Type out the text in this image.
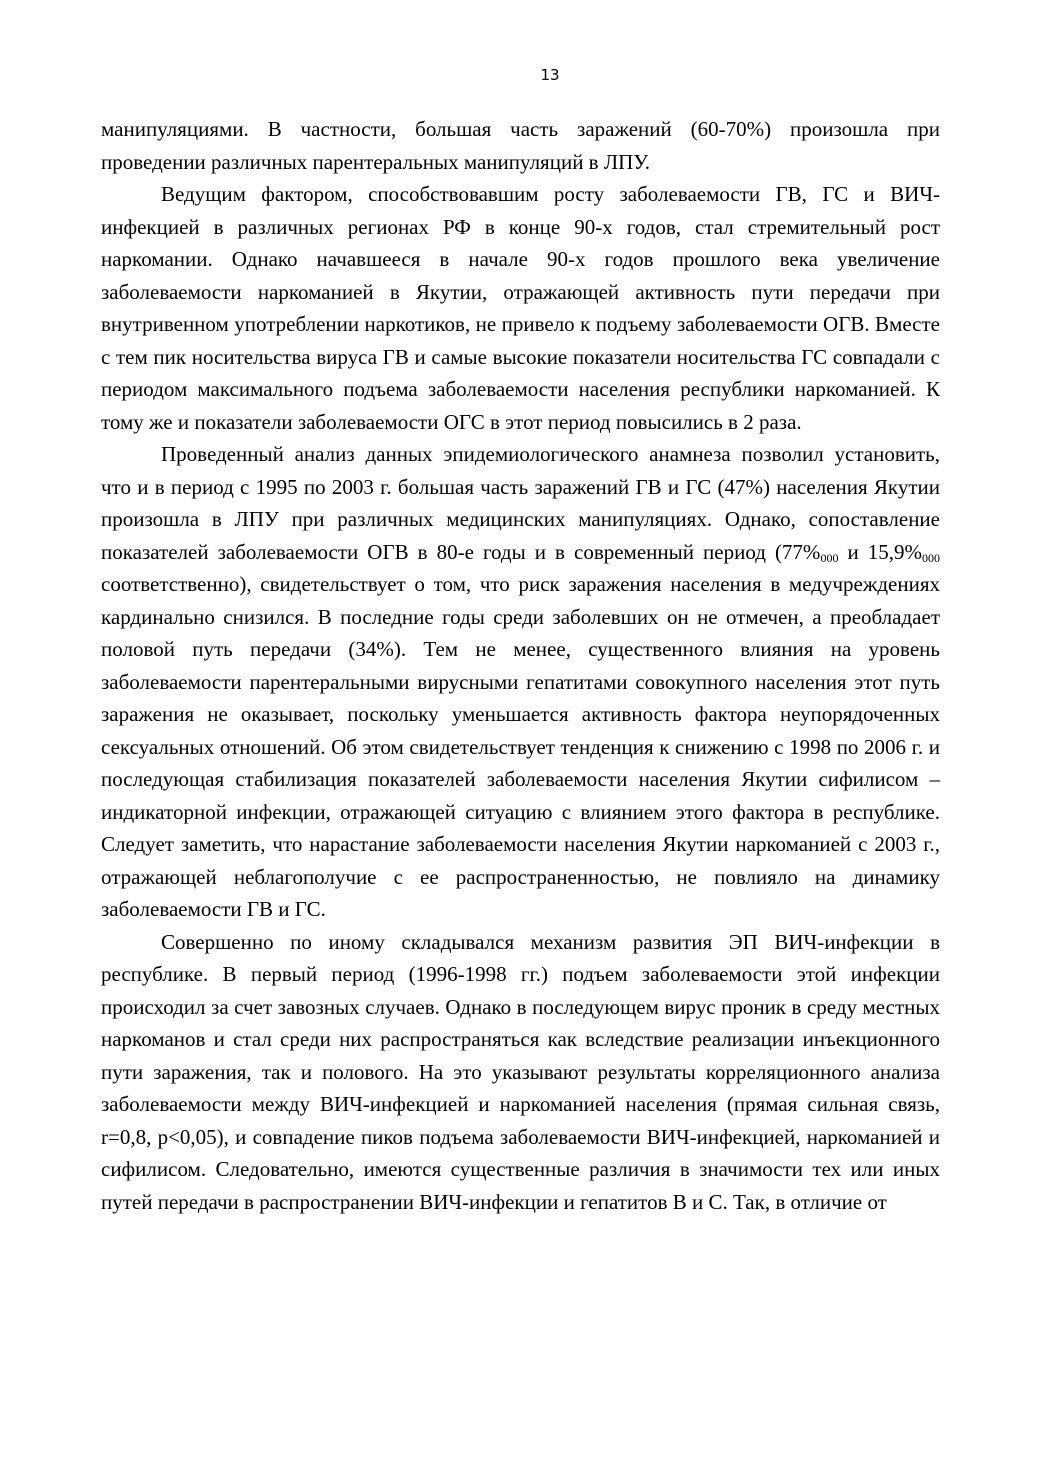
13

манипуляциями. В частности, большая часть заражений (60-70%) произошла при проведении различных парентеральных манипуляций в ЛПУ.

Ведущим фактором, способствовавшим росту заболеваемости ГВ, ГС и ВИЧ-инфекцией в различных регионах РФ в конце 90-х годов, стал стремительный рост наркомании. Однако начавшееся в начале 90-х годов прошлого века увеличение заболеваемости наркоманией в Якутии, отражающей активность пути передачи при внутривенном употреблении наркотиков, не привело к подъему заболеваемости ОГВ. Вместе с тем пик носительства вируса ГВ и самые высокие показатели носительства ГС совпадали с периодом максимального подъема заболеваемости населения республики наркоманией. К тому же и показатели заболеваемости ОГС в этот период повысились в 2 раза.

Проведенный анализ данных эпидемиологического анамнеза позволил установить, что и в период с 1995 по 2003 г. большая часть заражений ГВ и ГС (47%) населения Якутии произошла в ЛПУ при различных медицинских манипуляциях. Однако, сопоставление показателей заболеваемости ОГВ в 80-е годы и в современный период ($77\%_{000}$ и $15,9\%_{000}$ соответственно), свидетельствует о том, что риск заражения населения в медучреждениях кардинально снизился. В последние годы среди заболевших он не отмечен, а преобладает половой путь передачи (34%). Тем не менее, существенного влияния на уровень заболеваемости парентеральными вирусными гепатитами совокупного населения этот путь заражения не оказывает, поскольку уменьшается активность фактора неупорядоченных сексуальных отношений. Об этом свидетельствует тенденция к снижению с 1998 по 2006 г. и последующая стабилизация показателей заболеваемости населения Якутии сифилисом – индикаторной инфекции, отражающей ситуацию с влиянием этого фактора в республике. Следует заметить, что нарастание заболеваемости населения Якутии наркоманией с 2003 г., отражающей неблагополучие с ее распространенностью, не повлияло на динамику заболеваемости ГВ и ГС.

Совершенно по иному складывался механизм развития ЭП ВИЧ-инфекции в республике. В первый период (1996-1998 гг.) подъем заболеваемости этой инфекции происходил за счет завозных случаев. Однако в последующем вирус проник в среду местных наркоманов и стал среди них распространяться как вследствие реализации инъекционного пути заражения, так и полового. На это указывают результаты корреляционного анализа заболеваемости между ВИЧ-инфекцией и наркоманией населения (прямая сильная связь, r=0,8, p<0,05), и совпадение пиков подъема заболеваемости ВИЧ-инфекцией, наркоманией и сифилисом. Следовательно, имеются существенные различия в значимости тех или иных путей передачи в распространении ВИЧ-инфекции и гепатитов В и С. Так, в отличие от
